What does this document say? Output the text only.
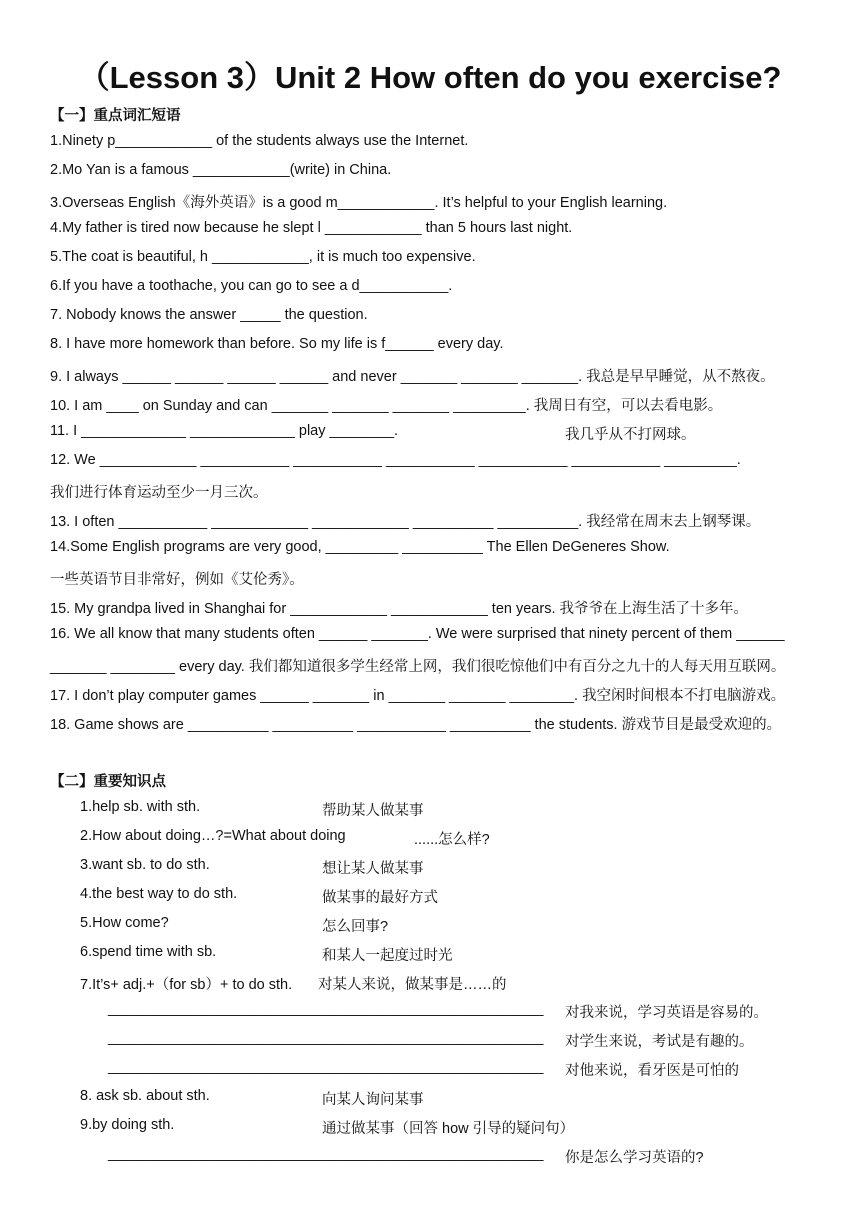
（Lesson 3）Unit 2 How often do you exercise?
【一】重点词汇短语
1.Ninety p____________ of the students always use the Internet.
2.Mo Yan is a famous ____________(write) in China.
3.Overseas English《海外英语》is a good m____________. It’s helpful to your English learning.
4.My father is tired now because he slept l ____________ than 5 hours last night.
5.The coat is beautiful, h ____________, it is much too expensive.
6.If you have a toothache, you can go to see a d___________.
7. Nobody knows the answer _____ the question.
8. I have more homework than before. So my life is f______ every day.
9. I always ______ ______ ______ ______ and never _______ _______ _______. 我总是早早睡觉，从不熬夜。
10. I am ____ on Sunday and can _______ _______ _______ _________. 我周日有空，可以去看电影。
11. I _____________ _____________ play ________.	我几乎从不打网球。
12. We ____________ ___________ ___________ ___________ ___________ ___________ _________.
我们进行体育运动至少一月三次。
13. I often ___________ ____________ ____________ __________ __________. 我经常在周末去上钢琴课。
14.Some English programs are very good, _________ __________ The Ellen DeGeneres Show.
一些英语节目非常好，例如《艾伦秀》。
15. My grandpa lived in Shanghai for ____________ ____________ ten years. 我爷爷在上海生活了十多年。
16. We all know that many students often ______ _______. We were surprised that ninety percent of them ______
_______ ________ every day. 我们都知道很多学生经常上网，我们很吃惊他们中有百分之九十的人每天用互联网。
17. I don’t play computer games ______ _______ in _______ _______ ________. 我空闲时间根本不打电脑游戏。
18. Game shows are __________ __________ ___________ __________ the students. 游戏节目是最受欢迎的。
【二】重要知识点
1.help sb. with sth.	帮助某人做某事
2.How about doing…?=What about doing	......怎么样?
3.want sb. to do sth.	想让某人做某事
4.the best way to do sth.	做某事的最好方式
5.How come?	怎么回事?
6.spend time with sb.	和某人一起度过时光
7.It’s+ adj.+（for sb）+ to do sth. 对某人来说，做某事是……的
______________________________________________________ 对我来说，学习英语是容易的。
______________________________________________________ 对学生来说，考试是有趣的。
______________________________________________________ 对他来说，看牙医是可怕的
8. ask sb. about sth.	向某人询问某事
9.by doing sth.	通过做某事（回答 how 引导的疑问句）
______________________________________________________ 你是怎么学习英语的?
